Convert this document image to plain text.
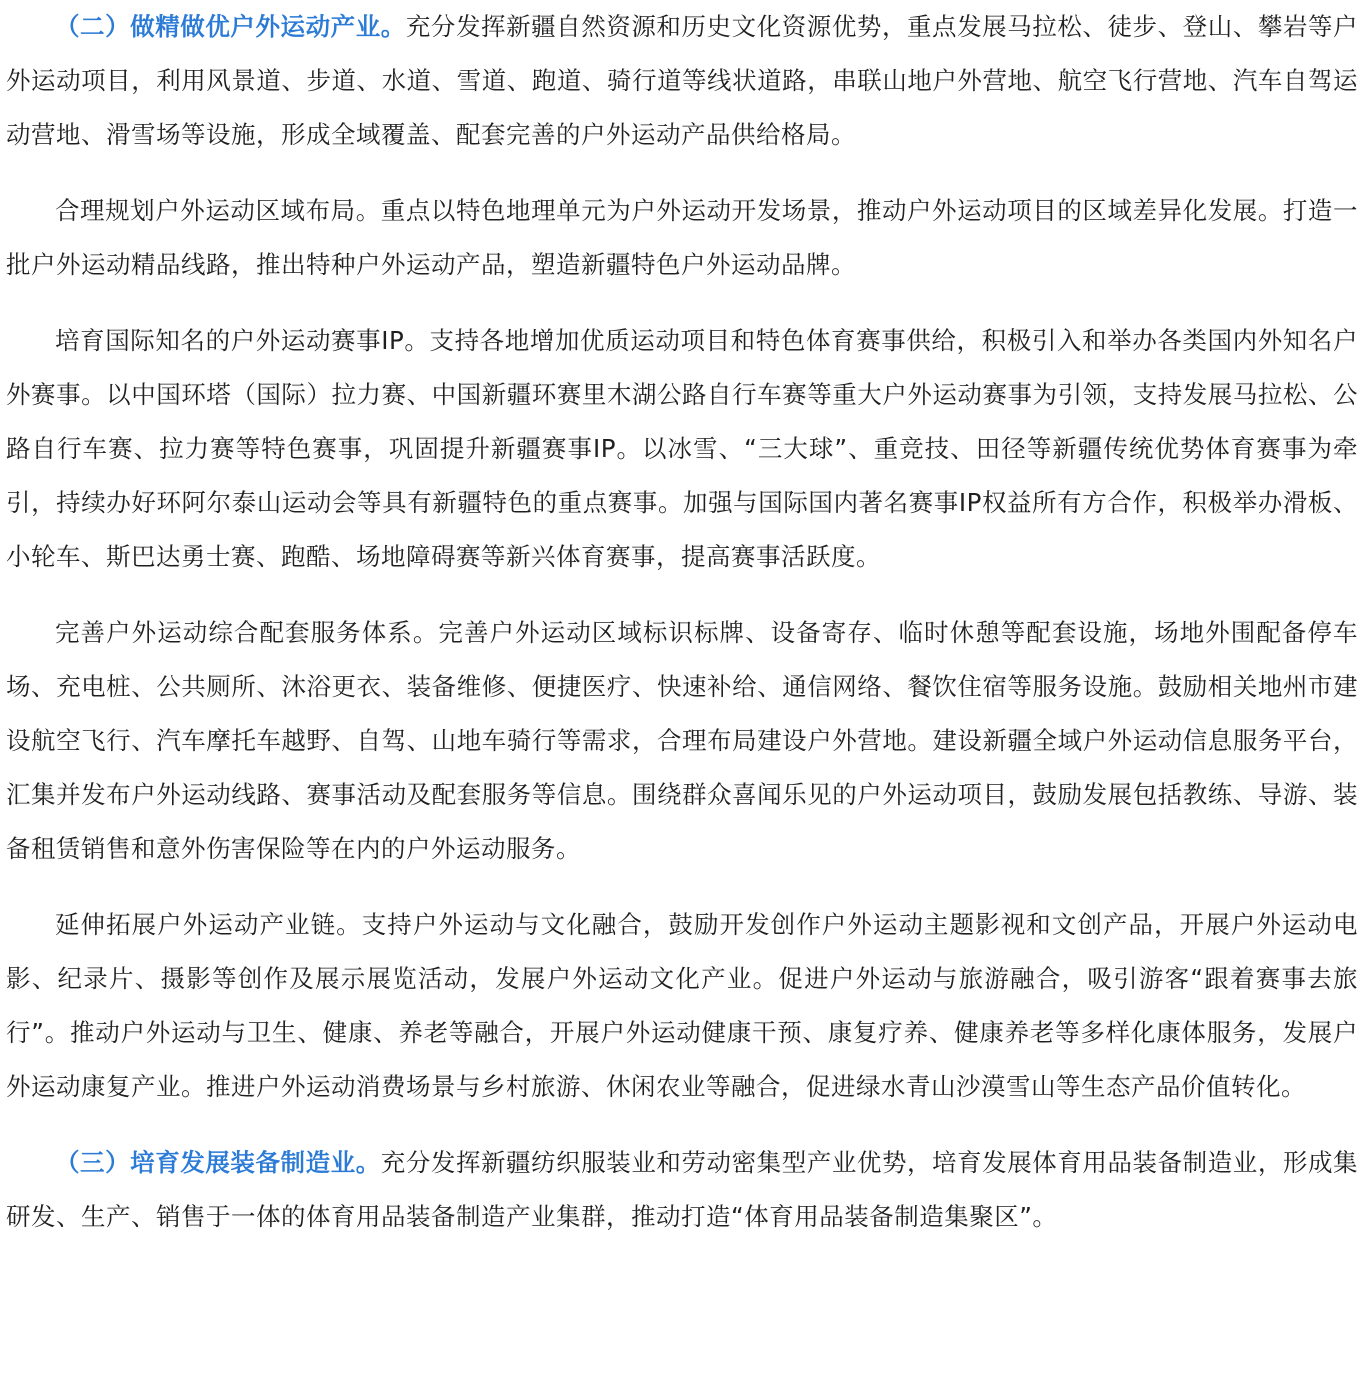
（二）做精做优户外运动产业。充分发挥新疆自然资源和历史文化资源优势，重点发展马拉松、徒步、登山、攀岩等户外运动项目，利用风景道、步道、水道、雪道、跑道、骑行道等线状道路，串联山地户外营地、航空飞行营地、汽车自驾运动营地、滑雪场等设施，形成全域覆盖、配套完善的户外运动产品供给格局。

合理规划户外运动区域布局。重点以特色地理单元为户外运动开发场景，推动户外运动项目的区域差异化发展。打造一批户外运动精品线路，推出特种户外运动产品，塑造新疆特色户外运动品牌。

培育国际知名的户外运动赛事IP。支持各地增加优质运动项目和特色体育赛事供给，积极引入和举办各类国内外知名户外赛事。以中国环塔（国际）拉力赛、中国新疆环赛里木湖公路自行车赛等重大户外运动赛事为引领，支持发展马拉松、公路自行车赛、拉力赛等特色赛事，巩固提升新疆赛事IP。以冰雪、“三大球”、重竞技、田径等新疆传统优势体育赛事为牵引，持续办好环阿尔泰山运动会等具有新疆特色的重点赛事。加强与国际国内著名赛事IP权益所有方合作，积极举办滑板、小轮车、斯巴达勇士赛、跑酷、场地障碍赛等新兴体育赛事，提高赛事活跃度。

完善户外运动综合配套服务体系。完善户外运动区域标识标牌、设备寄存、临时休憩等配套设施，场地外围配备停车场、充电桩、公共厕所、沐浴更衣、装备维修、便捷医疗、快速补给、通信网络、餐饮住宿等服务设施。鼓励相关地州市建设航空飞行、汽车摩托车越野、自驾、山地车骑行等需求，合理布局建设户外营地。建设新疆全域户外运动信息服务平台，汇集并发布户外运动线路、赛事活动及配套服务等信息。围绕群众喜闻乐见的户外运动项目，鼓励发展包括教练、导游、装备租赁销售和意外伤害保险等在内的户外运动服务。

延伸拓展户外运动产业链。支持户外运动与文化融合，鼓励开发创作户外运动主题影视和文创产品，开展户外运动电影、纪录片、摄影等创作及展示展览活动，发展户外运动文化产业。促进户外运动与旅游融合，吸引游客“跟着赛事去旅行”。推动户外运动与卫生、健康、养老等融合，开展户外运动健康干预、康复疗养、健康养老等多样化康体服务，发展户外运动康复产业。推进户外运动消费场景与乡村旅游、休闲农业等融合，促进绿水青山沙漠雪山等生态产品价值转化。

（三）培育发展装备制造业。充分发挥新疆纺织服装业和劳动密集型产业优势，培育发展体育用品装备制造业，形成集研发、生产、销售于一体的体育用品装备制造产业集群，推动打造“体育用品装备制造集聚区”。
